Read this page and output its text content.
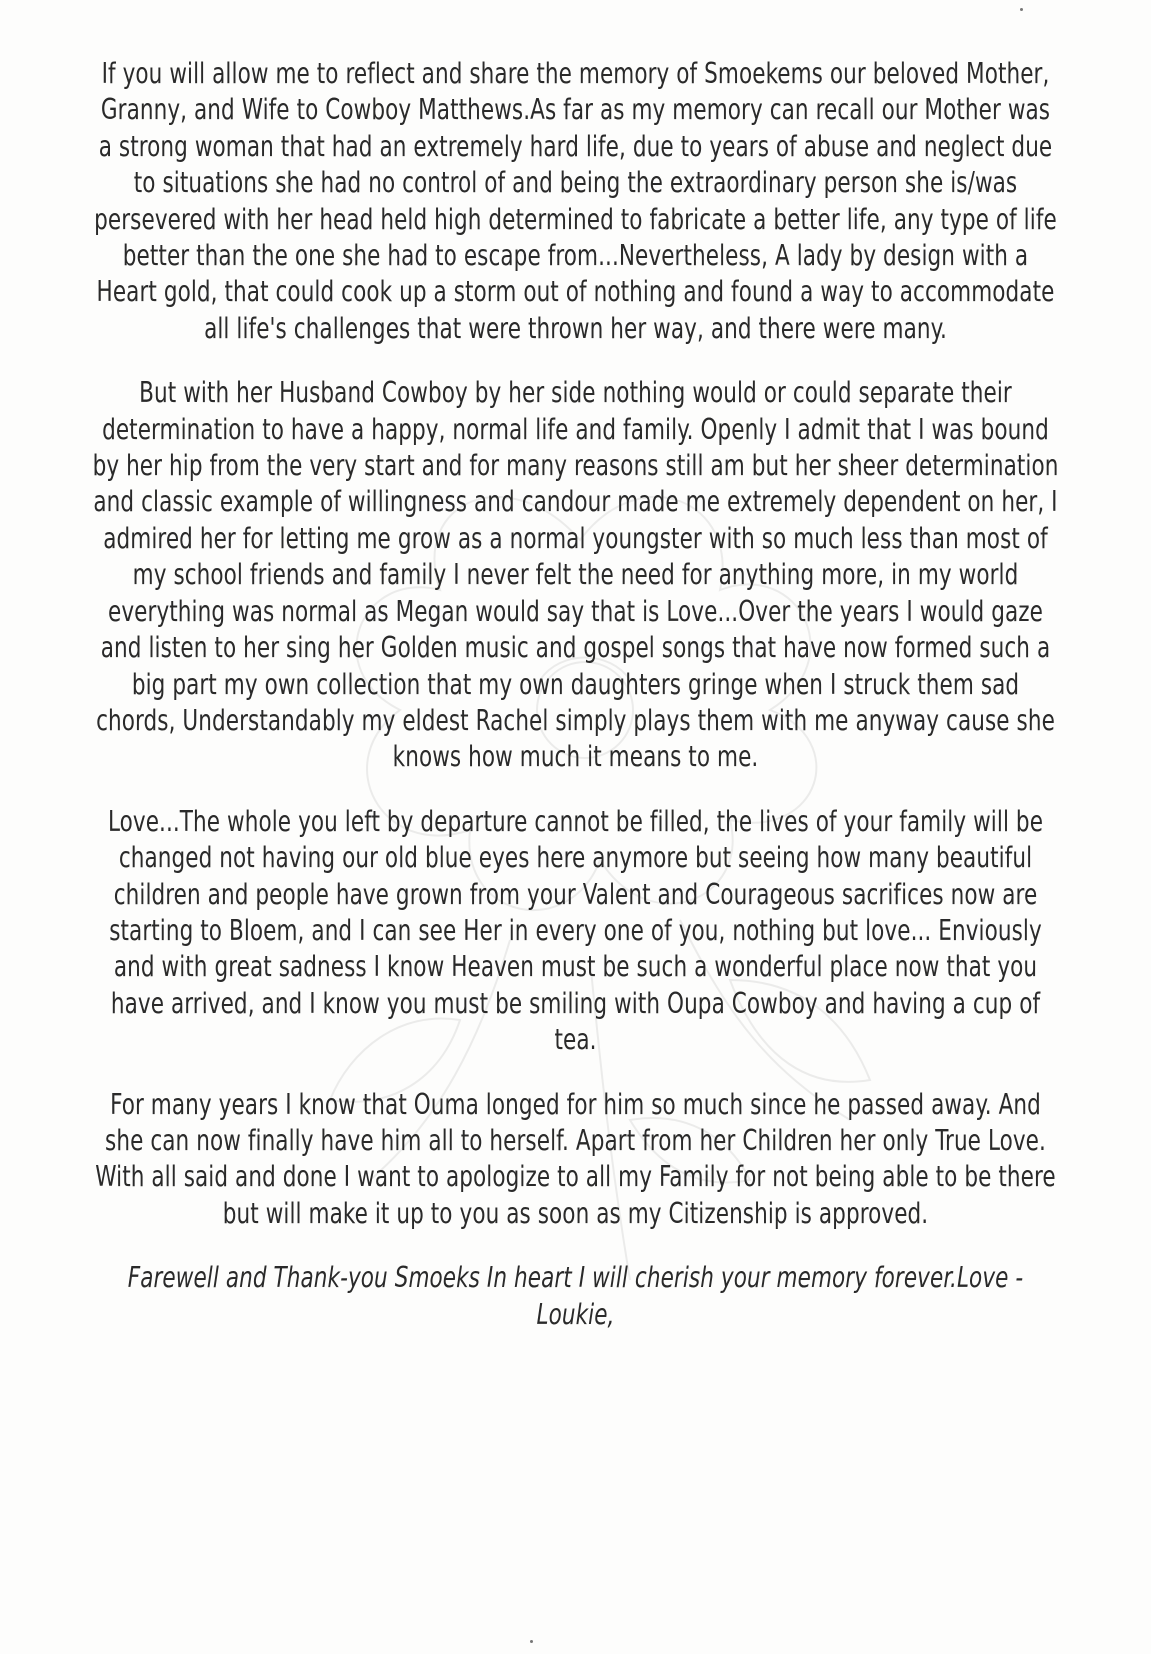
If you will allow me to reflect and share the memory of Smoekems our beloved Mother, Granny, and Wife to Cowboy Matthews.As far as my memory can recall our Mother was a strong woman that had an extremely hard life, due to years of abuse and neglect due to situations she had no control of and being the extraordinary person she is/was persevered with her head held high determined to fabricate a better life, any type of life better than the one she had to escape from...Nevertheless, A lady by design with a Heart gold, that could cook up a storm out of nothing and found a way to accommodate all life's challenges that were thrown her way, and there were many.

But with her Husband Cowboy by her side nothing would or could separate their determination to have a happy, normal life and family. Openly I admit that I was bound by her hip from the very start and for many reasons still am but her sheer determination and classic example of willingness and candour made me extremely dependent on her, I admired her for letting me grow as a normal youngster with so much less than most of my school friends and family I never felt the need for anything more, in my world everything was normal as Megan would say that is Love...Over the years I would gaze and listen to her sing her Golden music and gospel songs that have now formed such a big part my own collection that my own daughters gringe when I struck them sad chords, Understandably my eldest Rachel simply plays them with me anyway cause she knows how much it means to me.

Love...The whole you left by departure cannot be filled, the lives of your family will be changed not having our old blue eyes here anymore but seeing how many beautiful children and people have grown from your Valent and Courageous sacrifices now are starting to Bloem, and I can see Her in every one of you, nothing but love... Enviously and with great sadness I know Heaven must be such a wonderful place now that you have arrived, and I know you must be smiling with Oupa Cowboy and having a cup of tea.

For many years I know that Ouma longed for him so much since he passed away. And she can now finally have him all to herself. Apart from her Children her only True Love. With all said and done I want to apologize to all my Family for not being able to be there but will make it up to you as soon as my Citizenship is approved.

Farewell and Thank-you Smoeks In heart I will cherish your memory forever.Love - Loukie,
